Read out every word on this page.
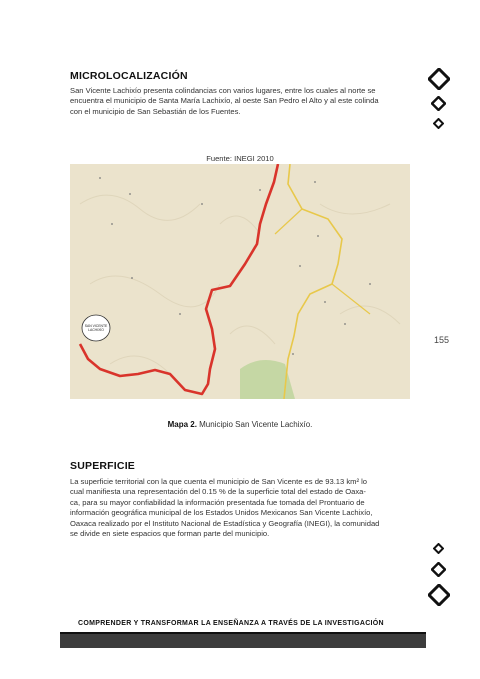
MICROLOCALIZACIÓN
San Vicente Lachixío presenta colindancias con varios lugares, entre los cuales al norte se
encuentra el municipio de Santa María Lachixío, al oeste San Pedro el Alto y al este colinda
con el municipio de San Sebastián de los Fuentes.
Fuente: INEGI 2010
SAN VICENTE
LACHIXÍO
Mapa 2. Municipio San Vicente Lachixío.
SUPERFICIE
La superficie territorial con la que cuenta el municipio de San Vicente es de 93.13 km² lo
cual manifiesta una representación del 0.15 % de la superficie total del estado de Oaxa-
ca, para su mayor confiabilidad la información presentada fue tomada del Prontuario de
información geográfica municipal de los Estados Unidos Mexicanos San Vicente Lachixío,
Oaxaca realizado por el Instituto Nacional de Estadística y Geografía (INEGI), la comunidad
se divide en siete espacios que forman parte del municipio.
155
COMPRENDER Y TRANSFORMAR LA ENSEÑANZA A TRAVÉS DE LA INVESTIGACIÓN
